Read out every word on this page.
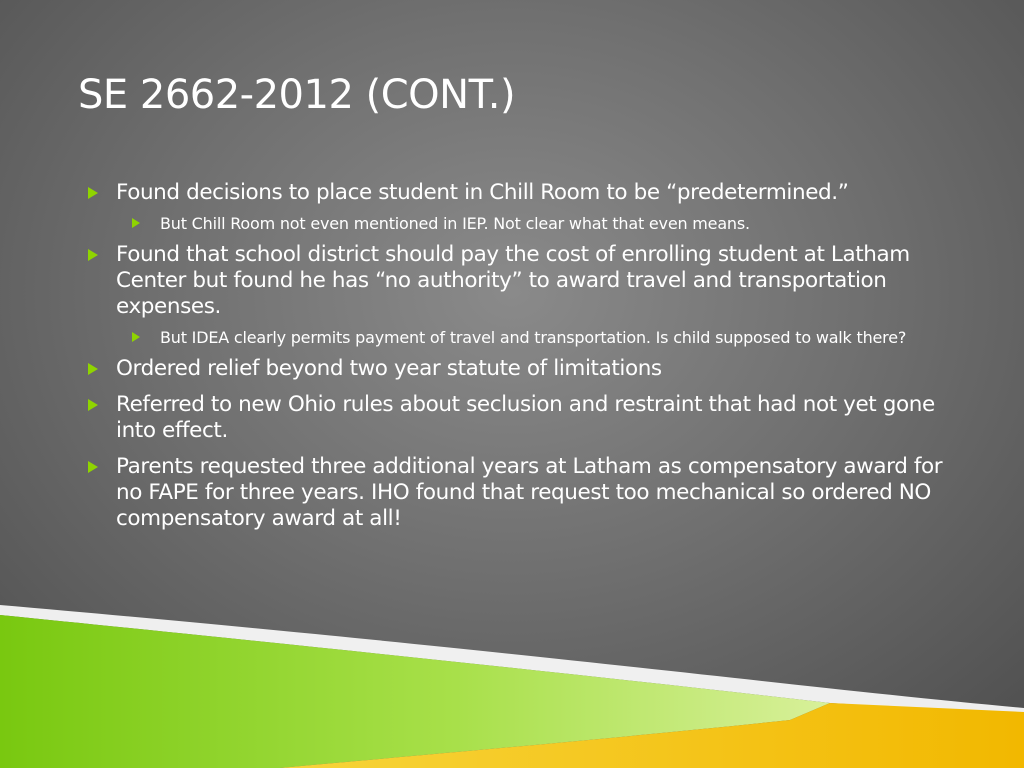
SE 2662-2012 (CONT.)
Found decisions to place student in Chill Room to be “predetermined.”
But Chill Room not even mentioned in IEP. Not clear what that even means.
Found that school district should pay the cost of enrolling student at Latham Center but found he has “no authority” to award travel and transportation expenses.
But IDEA clearly permits payment of travel and transportation. Is child supposed to walk there?
Ordered relief beyond two year statute of limitations
Referred to new Ohio rules about seclusion and restraint that had not yet gone into effect.
Parents requested three additional years at Latham as compensatory award for no FAPE for three years. IHO found that request too mechanical so ordered NO compensatory award at all!
